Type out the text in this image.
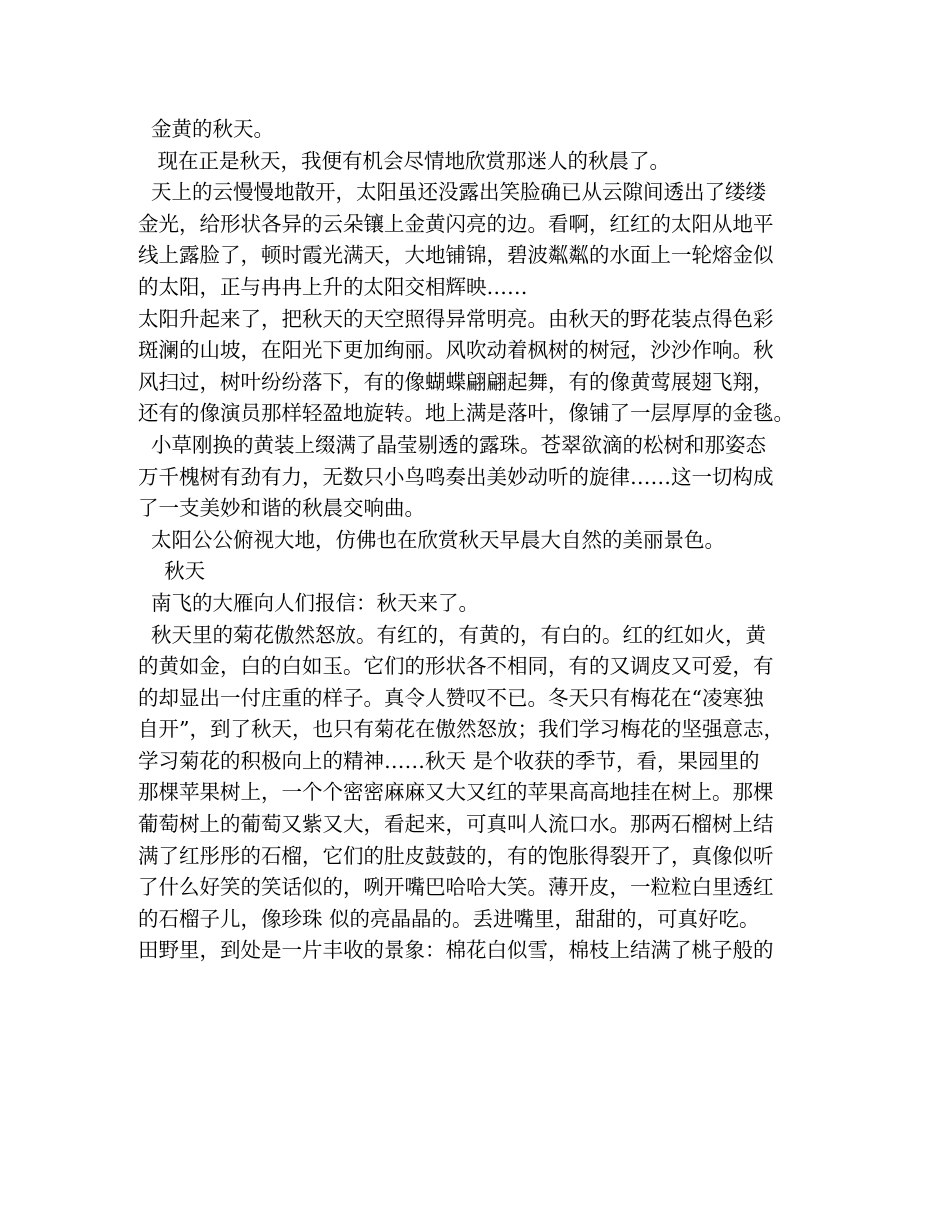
金黄的秋天。
现在正是秋天，我便有机会尽情地欣赏那迷人的秋晨了。
天上的云慢慢地散开，太阳虽还没露出笑脸确已从云隙间透出了缕缕
金光，给形状各异的云朵镶上金黄闪亮的边。看啊，红红的太阳从地平
线上露脸了，顿时霞光满天，大地铺锦，碧波粼粼的水面上一轮熔金似
的太阳，正与冉冉上升的太阳交相辉映……
太阳升起来了，把秋天的天空照得异常明亮。由秋天的野花装点得色彩
斑澜的山坡，在阳光下更加绚丽。风吹动着枫树的树冠，沙沙作响。秋
风扫过，树叶纷纷落下，有的像蝴蝶翩翩起舞，有的像黄莺展翅飞翔，
还有的像演员那样轻盈地旋转。地上满是落叶，像铺了一层厚厚的金毯。
小草刚换的黄装上缀满了晶莹剔透的露珠。苍翠欲滴的松树和那姿态
万千槐树有劲有力，无数只小鸟鸣奏出美妙动听的旋律……这一切构成
了一支美妙和谐的秋晨交响曲。
太阳公公俯视大地，仿佛也在欣赏秋天早晨大自然的美丽景色。
秋天
南飞的大雁向人们报信：秋天来了。
秋天里的菊花傲然怒放。有红的，有黄的，有白的。红的红如火，黄
的黄如金，白的白如玉。它们的形状各不相同，有的又调皮又可爱，有
的却显出一付庄重的样子。真令人赞叹不已。冬天只有梅花在“凌寒独
自开”，到了秋天，也只有菊花在傲然怒放；我们学习梅花的坚强意志，
学习菊花的积极向上的精神……秋天 是个收获的季节，看，果园里的
那棵苹果树上，一个个密密麻麻又大又红的苹果高高地挂在树上。那棵
葡萄树上的葡萄又紫又大，看起来，可真叫人流口水。那两石榴树上结
满了红彤彤的石榴，它们的肚皮鼓鼓的，有的饱胀得裂开了，真像似听
了什么好笑的笑话似的，咧开嘴巴哈哈大笑。薄开皮，一粒粒白里透红
的石榴子儿，像珍珠 似的亮晶晶的。丢进嘴里，甜甜的，可真好吃。
田野里，到处是一片丰收的景象：棉花白似雪，棉枝上结满了桃子般的
